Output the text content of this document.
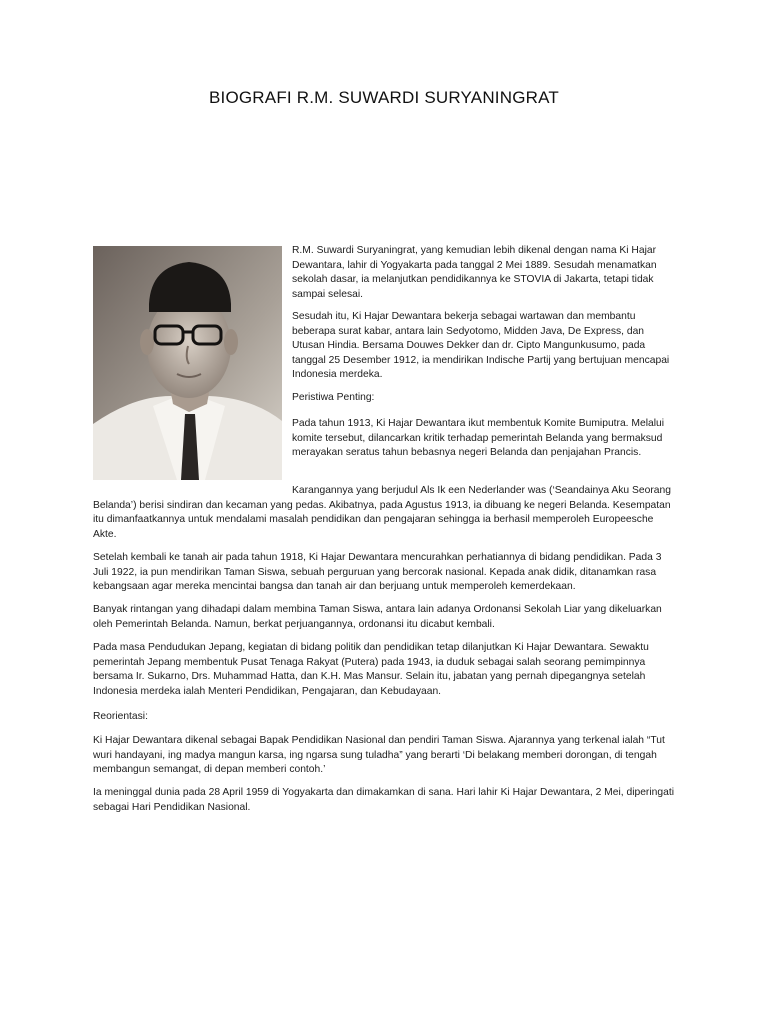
BIOGRAFI R.M. SUWARDI SURYANINGRAT

R.M. Suwardi Suryaningrat, yang kemudian lebih dikenal dengan nama Ki Hajar Dewantara, lahir di Yogyakarta pada tanggal 2 Mei 1889. Sesudah menamatkan sekolah dasar, ia melanjutkan pendidikannya ke STOVIA di Jakarta, tetapi tidak sampai selesai.

Sesudah itu, Ki Hajar Dewantara bekerja sebagai wartawan dan membantu beberapa surat kabar, antara lain Sedyotomo, Midden Java, De Express, dan Utusan Hindia. Bersama Douwes Dekker dan dr. Cipto Mangunkusumo, pada tanggal 25 Desember 1912, ia mendirikan Indische Partij yang bertujuan mencapai Indonesia merdeka.

Peristiwa Penting:

Pada tahun 1913, Ki Hajar Dewantara ikut membentuk Komite Bumiputra. Melalui komite tersebut, dilancarkan kritik terhadap pemerintah Belanda yang bermaksud merayakan seratus tahun bebasnya negeri Belanda dan penjajahan Prancis.

Karangannya yang berjudul Als Ik een Nederlander was (‘Seandainya Aku Seorang Belanda’) berisi sindiran dan kecaman yang pedas. Akibatnya, pada Agustus 1913, ia dibuang ke negeri Belanda. Kesempatan itu dimanfaatkannya untuk mendalami masalah pendidikan dan pengajaran sehingga ia berhasil memperoleh Europeesche Akte.

Setelah kembali ke tanah air pada tahun 1918, Ki Hajar Dewantara mencurahkan perhatiannya di bidang pendidikan. Pada 3 Juli 1922, ia pun mendirikan Taman Siswa, sebuah perguruan yang bercorak nasional. Kepada anak didik, ditanamkan rasa kebangsaan agar mereka mencintai bangsa dan tanah air dan berjuang untuk memperoleh kemerdekaan.

Banyak rintangan yang dihadapi dalam membina Taman Siswa, antara lain adanya Ordonansi Sekolah Liar yang dikeluarkan oleh Pemerintah Belanda. Namun, berkat perjuangannya, ordonansi itu dicabut kembali.

Pada masa Pendudukan Jepang, kegiatan di bidang politik dan pendidikan tetap dilanjutkan Ki Hajar Dewantara. Sewaktu pemerintah Jepang membentuk Pusat Tenaga Rakyat (Putera) pada 1943, ia duduk sebagai salah seorang pemimpinnya bersama Ir. Sukarno, Drs. Muhammad Hatta, dan K.H. Mas Mansur. Selain itu, jabatan yang pernah dipegangnya setelah Indonesia merdeka ialah Menteri Pendidikan, Pengajaran, dan Kebudayaan.

Reorientasi:

Ki Hajar Dewantara dikenal sebagai Bapak Pendidikan Nasional dan pendiri Taman Siswa. Ajarannya yang terkenal ialah “Tut wuri handayani, ing madya mangun karsa, ing ngarsa sung tuladha” yang berarti ‘Di belakang memberi dorongan, di tengah membangun semangat, di depan memberi contoh.’

Ia meninggal dunia pada 28 April 1959 di Yogyakarta dan dimakamkan di sana. Hari lahir Ki Hajar Dewantara, 2 Mei, diperingati sebagai Hari Pendidikan Nasional.
